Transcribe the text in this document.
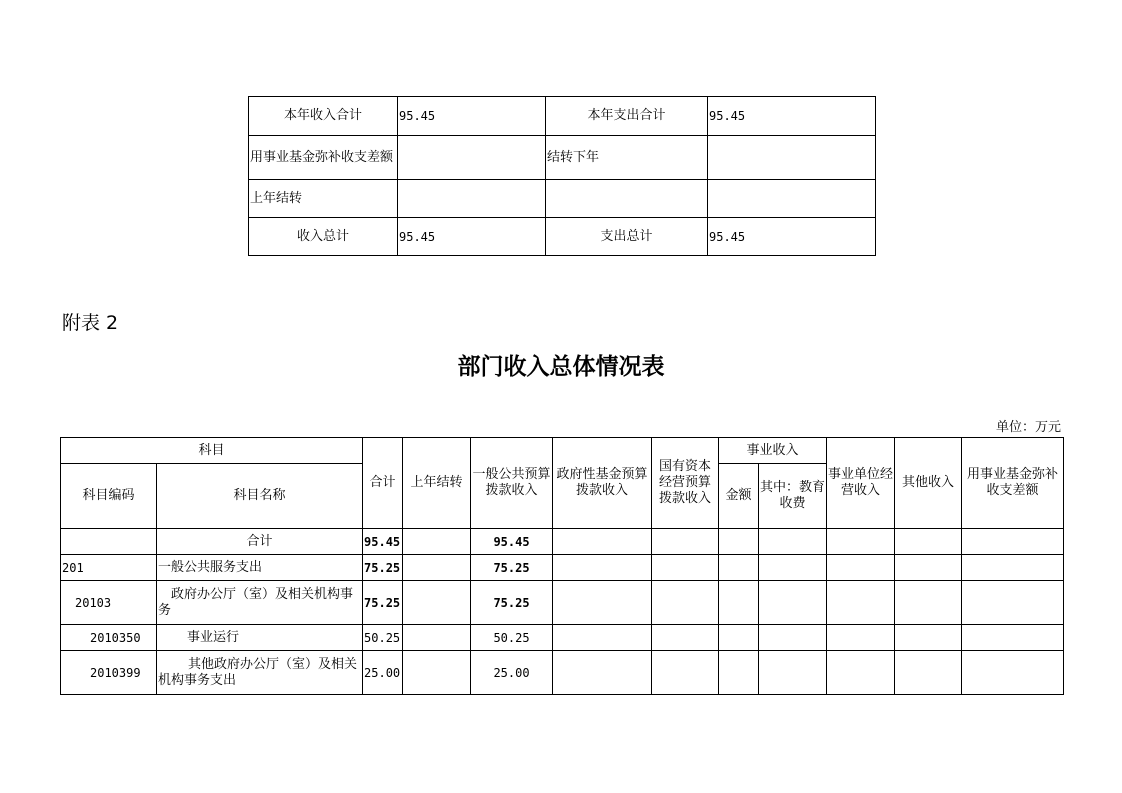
本年收入合计	95.45	本年支出合计	95.45
用事业基金弥补收支差额		结转下年	
上年结转			
收入总计	95.45	支出总计	95.45
附表 2
部门收入总体情况表
单位：万元
科目		合计	上年结转	一般公共预算拨款收入	政府性基金预算拨款收入	国有资本经营预算拨款收入	事业收入		事业单位经营收入	其他收入	用事业基金弥补收支差额
科目编码	科目名称						金额	其中：教育收费			
	合计	95.45		95.45							
201	一般公共服务支出	75.25		75.25							
20103	政府办公厅（室）及相关机构事务	75.25		75.25							
2010350	事业运行	50.25		50.25							
2010399	其他政府办公厅（室）及相关机构事务支出	25.00		25.00							
